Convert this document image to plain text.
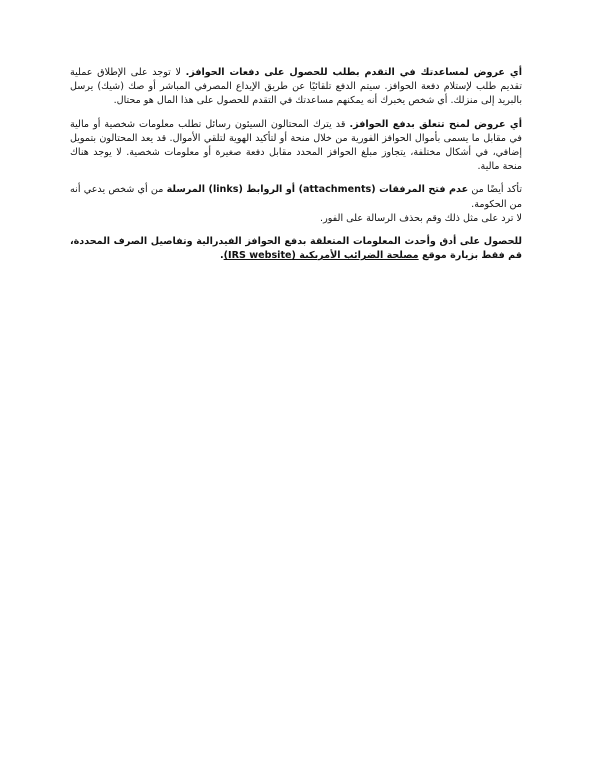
أي عروض لمساعدتك في التقدم بطلب للحصول على دفعات الحوافز. لا توجد على الإطلاق عملية تقديم طلب لإستلام دفعة الحوافز. سيتم الدفع تلقائيًا عن طريق الإيداع المصرفي المباشر أو صك (شيك) يرسل بالبريد إلى منزلك. أي شخص يخبرك أنه يمكنهم مساعدتك في التقدم للحصول على هذا المال هو محتال.

أي عروض لمنح تتعلق بدفع الحوافز. قد يترك المحتالون السيئون رسائل تطلب معلومات شخصية أو مالية في مقابل ما يسمى بأموال الحوافز الفورية من خلال منحة أو لتأكيد الهوية لتلقي الأموال. قد يعد المحتالون بتمويل إضافي، في أشكال مختلفة، يتجاوز مبلغ الحوافز المحدد مقابل دفعة صغيرة أو معلومات شخصية. لا يوجد هناك منحة مالية.

تأكد أيضًا من عدم فتح المرفقات (attachments) أو الروابط (links) المرسلة من أي شخص يدعي أنه من الحكومة.
لا ترد على مثل ذلك وقم بحذف الرسالة على الفور.

للحصول على أدق وأحدث المعلومات المتعلقة بدفع الحوافز الفيدرالية وتفاصيل الصرف المحددة، قم فقط بزيارة موقع مصلحة الضرائب الأمريكية (IRS website).
